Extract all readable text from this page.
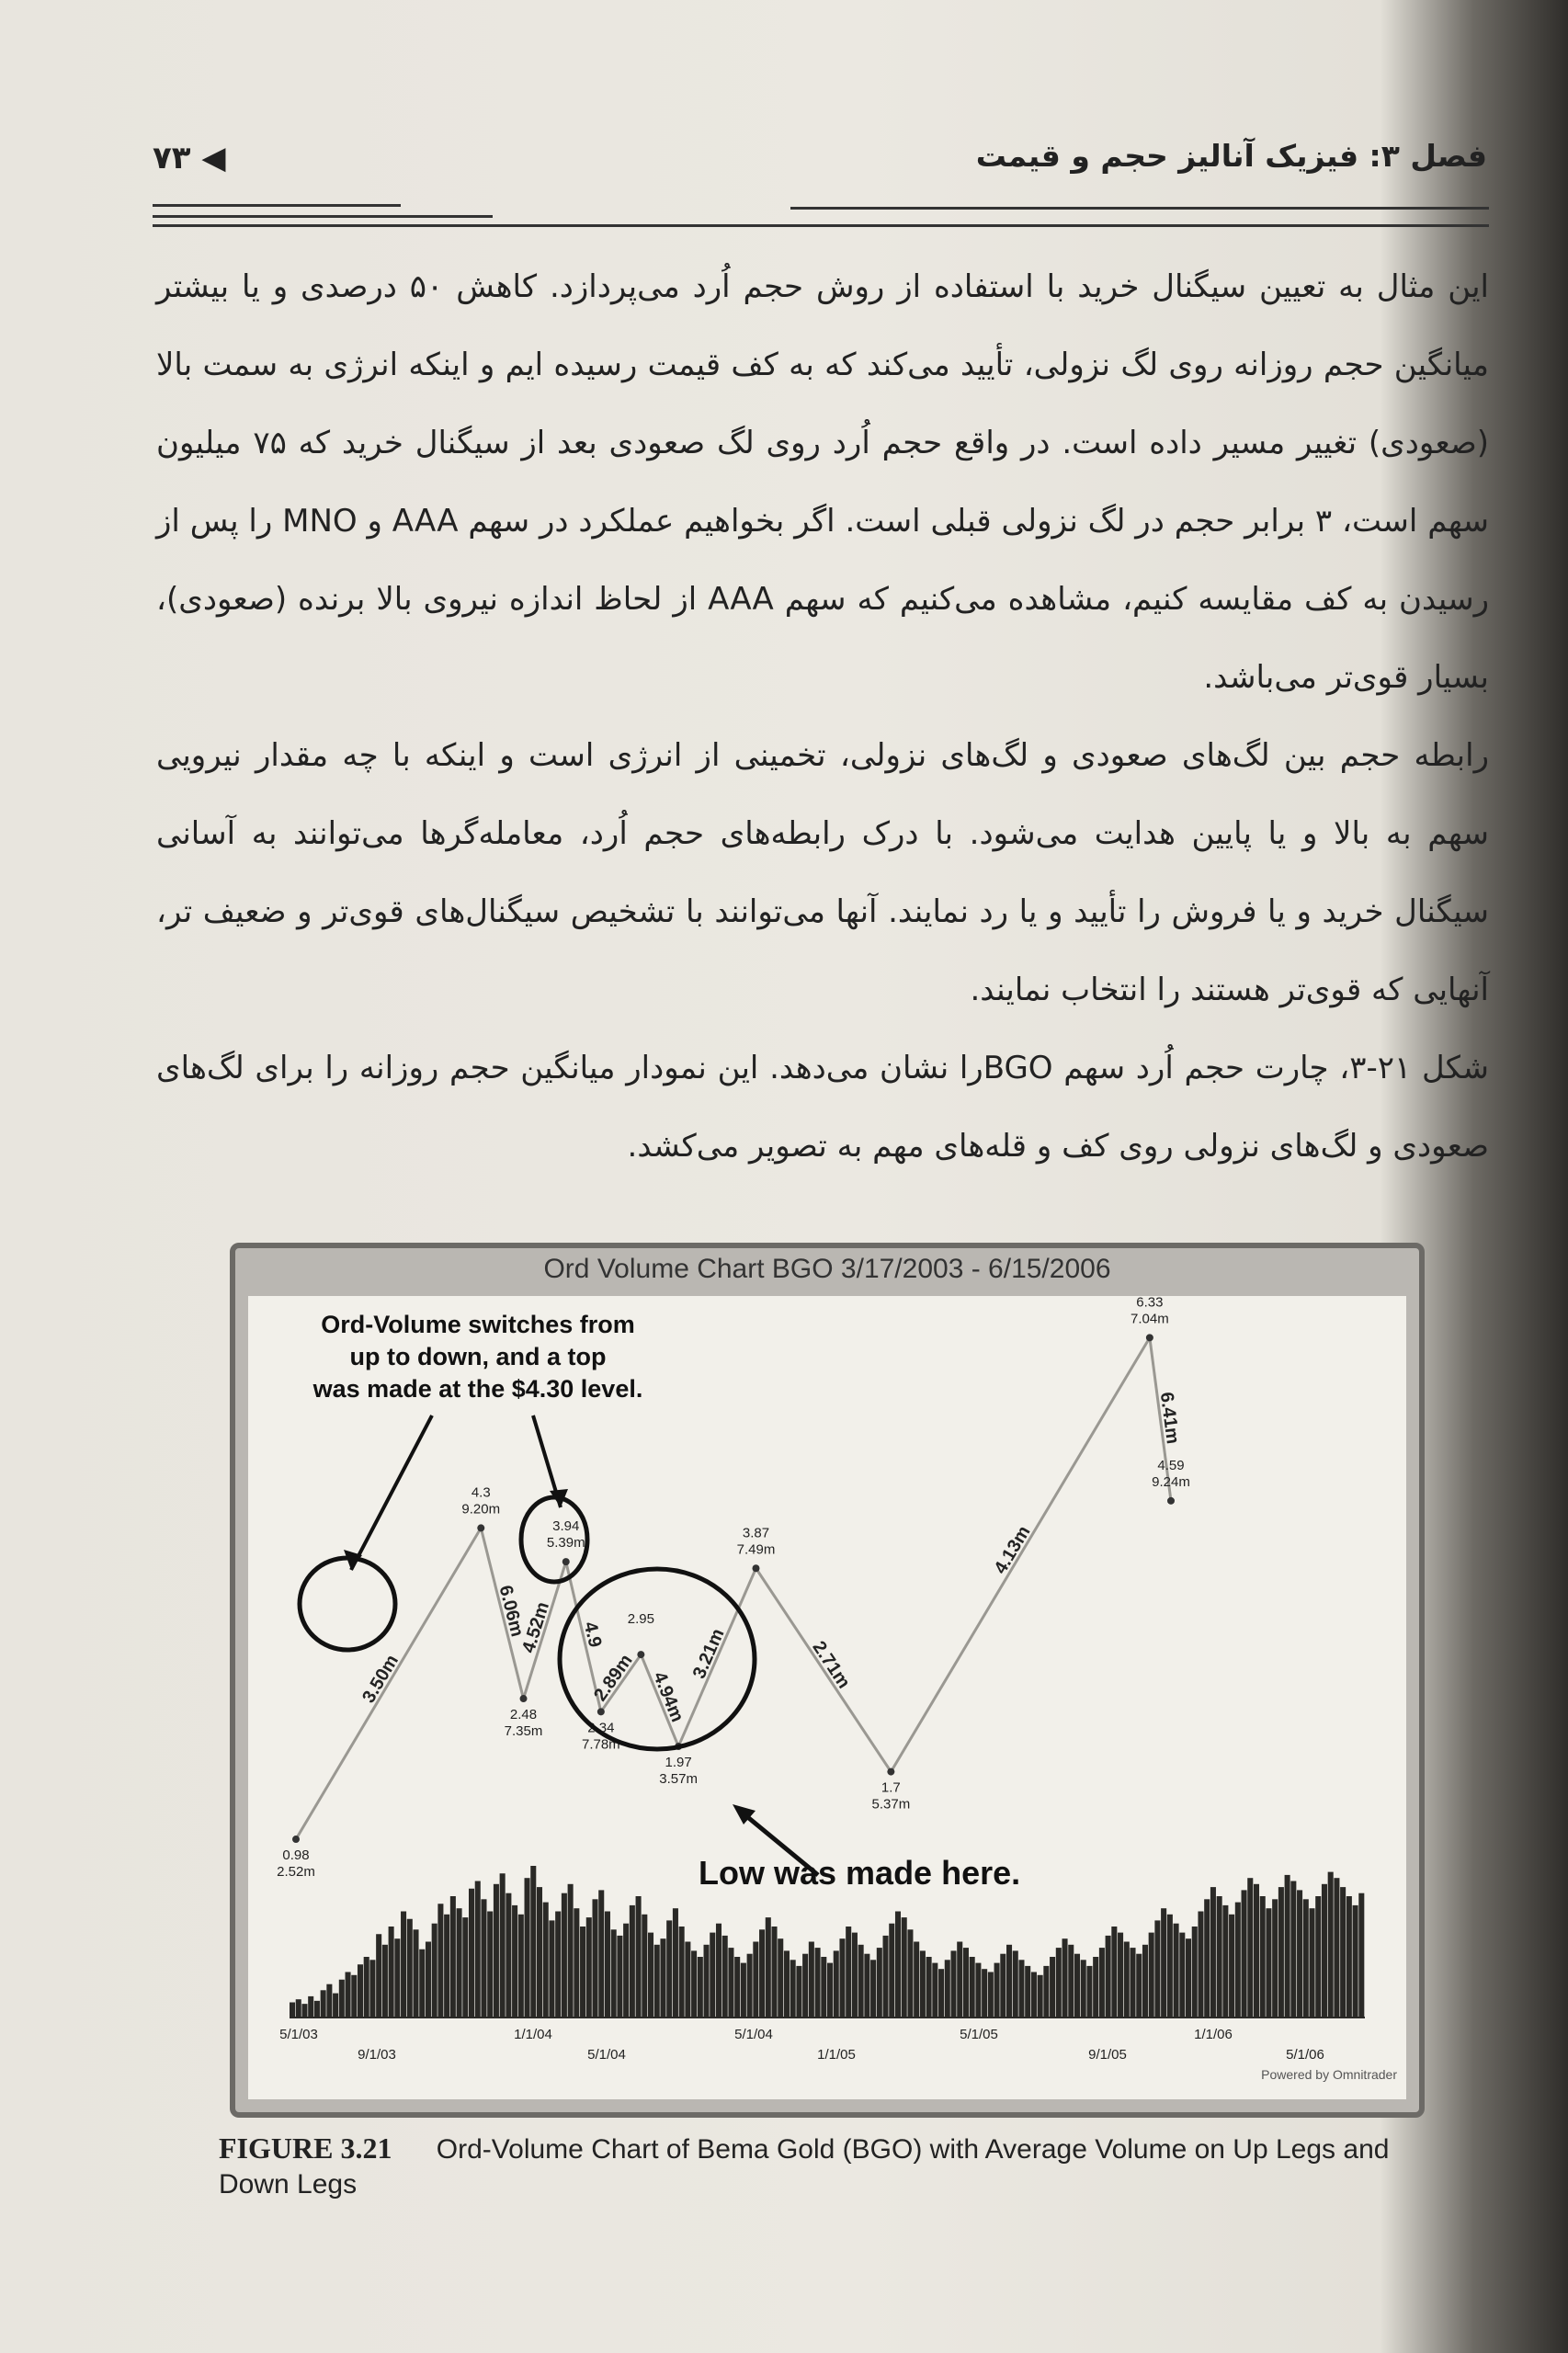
فصل ۳: فیزیک آنالیز حجم و قیمت
۷۳ ◀

این مثال به تعیین سیگنال خرید با استفاده از روش حجم اُرد می‌پردازد. کاهش ۵۰ درصدی و یا بیشتر میانگین حجم روزانه روی لگ نزولی، تأیید می‌کند که به کف قیمت رسیده ایم و اینکه انرژی به سمت بالا (صعودی) تغییر مسیر داده است. در واقع حجم اُرد روی لگ صعودی بعد از سیگنال خرید که ۷۵ میلیون سهم است، ۳ برابر حجم در لگ نزولی قبلی است. اگر بخواهیم عملکرد در سهم AAA و MNO را پس از رسیدن به کف مقایسه کنیم، مشاهده می‌کنیم که سهم AAA از لحاظ اندازه نیروی بالا برنده (صعودی)، بسیار قوی‌تر می‌باشد.

رابطه حجم بین لگ‌های صعودی و لگ‌های نزولی، تخمینی از انرژی است و اینکه با چه مقدار نیرویی سهم به بالا و یا پایین هدایت می‌شود. با درک رابطه‌های حجم اُرد، معامله‌گرها می‌توانند به آسانی سیگنال خرید و یا فروش را تأیید و یا رد نمایند. آنها می‌توانند با تشخیص سیگنال‌های قوی‌تر و ضعیف تر، آنهایی که قوی‌تر هستند را انتخاب نمایند.

شکل ۲۱-۳، چارت حجم اُرد سهم BGOرا نشان می‌دهد. این نمودار میانگین حجم روزانه را برای لگ‌های صعودی و لگ‌های نزولی روی کف و قله‌های مهم به تصویر می‌کشد.

Ord Volume Chart BGO 3/17/2003 - 6/15/2006
0.98
2.52m
4.3
9.20m
2.48
7.35m
3.94
5.39m
2.34
7.78m
2.95
1.97
3.57m
3.87
7.49m
1.7
5.37m
6.33
7.04m
4.59
9.24m
3.50m
6.06m
4.52m 4.9
2.89m 4.94m
3.21m	2.71m
4.13m
6.41m
5/1/03	1/1/04	5/1/04	5/1/05	1/1/06
9/1/03	5/1/04	1/1/05	9/1/05	5/1/06
Ord-Volume switches from
up to down, and a top
was made at the $4.30 level.
Low was made here.
Powered by Omnitrader
FIGURE 3.21 Ord-Volume Chart of Bema Gold (BGO) with Average Volume on Up Legs and Down Legs
